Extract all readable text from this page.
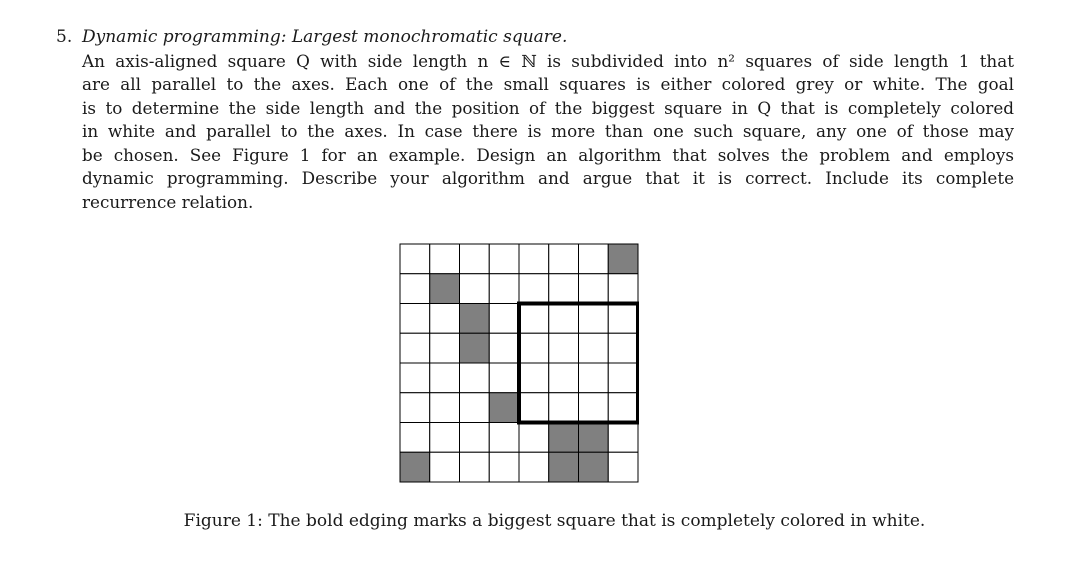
5. Dynamic programming: Largest monochromatic square.
An axis-aligned square Q with side length n ∈ ℕ is subdivided into n² squares of side length 1 that
are all parallel to the axes. Each one of the small squares is either colored grey or white. The goal
is to determine the side length and the position of the biggest square in Q that is completely colored
in white and parallel to the axes. In case there is more than one such square, any one of those may
be chosen. See Figure 1 for an example. Design an algorithm that solves the problem and employs
dynamic programming. Describe your algorithm and argue that it is correct. Include its complete
recurrence relation.
Figure 1: The bold edging marks a biggest square that is completely colored in white.
